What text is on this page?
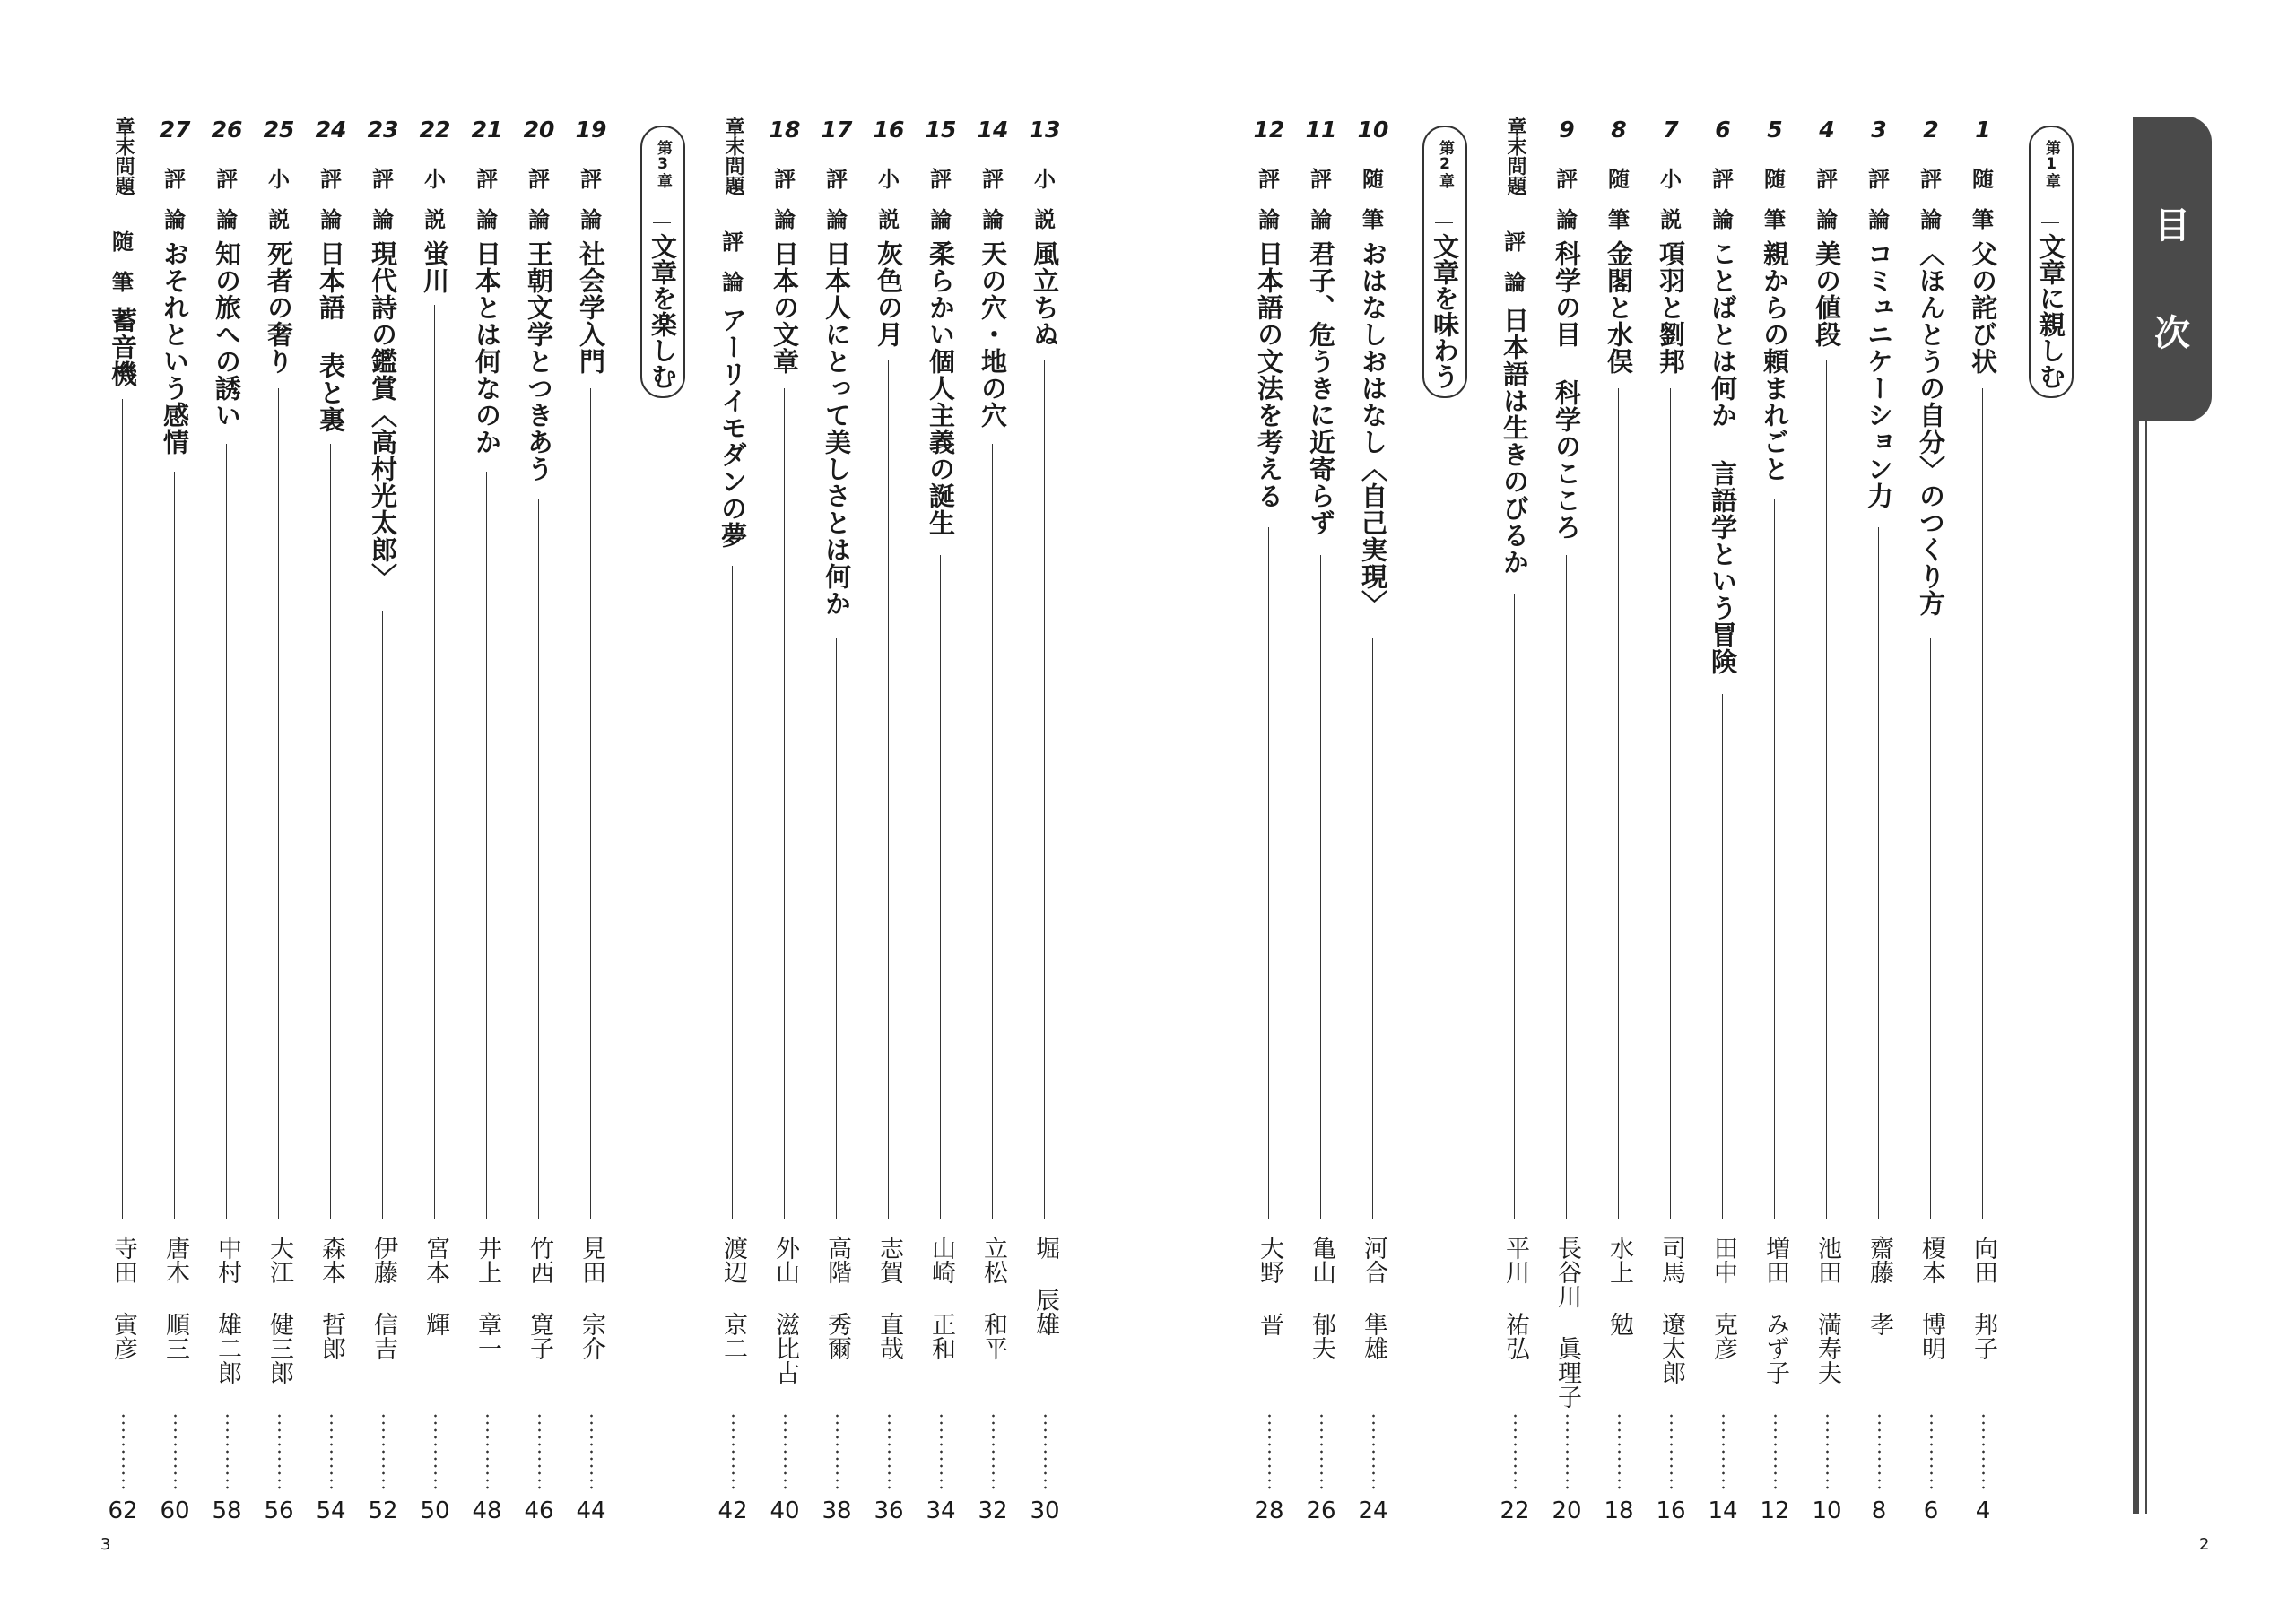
目
次
2
3
第1章
文章に親しむ
第2章
文章を味わう
第3章
文章を楽しむ
1
随
筆
父の詫び状
向田 邦子
4
2
評
論
〈ほんとうの自分〉のつくり方
榎本 博明
6
3
評
論
コミュニケーション力
齋藤 孝
8
4
評
論
美の値段
池田 満寿夫
10
5
随
筆
親からの頼まれごと
増田 みず子
12
6
評
論
ことばとは何か 言語学という冒険
田中 克彦
14
7
小
説
項羽と劉邦
司馬 遼太郎
16
8
随
筆
金閣と水俣
水上 勉
18
9
評
論
科学の目 科学のこころ
長谷川 眞理子
20
章末問題
評
論
日本語は生きのびるか
平川 祐弘
22
10
随
筆
おはなしおはなし〈自己実現〉
河合 隼雄
24
11
評
論
君子、危うきに近寄らず
亀山 郁夫
26
12
評
論
日本語の文法を考える
大野 晋
28
13
小
説
風立ちぬ
堀 辰雄
30
14
評
論
天の穴・地の穴
立松 和平
32
15
評
論
柔らかい個人主義の誕生
山崎 正和
34
16
小
説
灰色の月
志賀 直哉
36
17
評
論
日本人にとって美しさとは何か
高階 秀爾
38
18
評
論
日本の文章
外山 滋比古
40
章末問題
評
論
アーリイモダンの夢
渡辺 京二
42
19
評
論
社会学入門
見田 宗介
44
20
評
論
王朝文学とつきあう
竹西 寛子
46
21
評
論
日本とは何なのか
井上 章一
48
22
小
説
蛍川
宮本 輝
50
23
評
論
現代詩の鑑賞〈高村光太郎〉
伊藤 信吉
52
24
評
論
日本語 表と裏
森本 哲郎
54
25
小
説
死者の奢り
大江 健三郎
56
26
評
論
知の旅への誘い
中村 雄二郎
58
27
評
論
おそれという感情
唐木 順三
60
章末問題
随
筆
蓄音機
寺田 寅彦
62
